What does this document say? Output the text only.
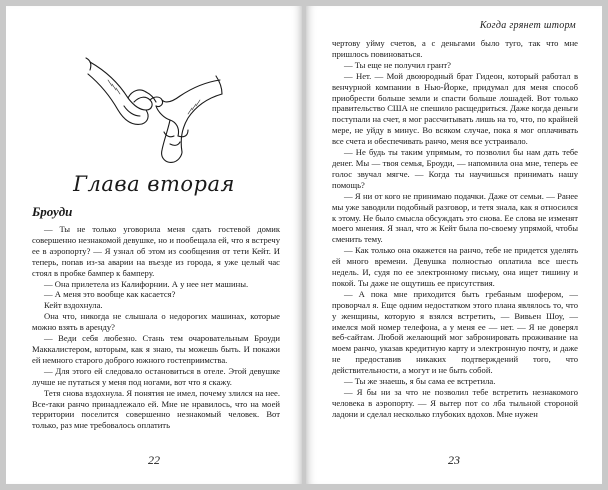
Глава вторая
Броуди

— Ты не только уговорила меня сдать гостевой домик совершенно незнакомой девушке, но и пообещала ей, что я встречу ее в аэропорту? — Я узнал об этом из сообщения от тети Кейт. И теперь, попав из-за аварии на въезде из города, я уже целый час стоял в пробке бампер к бамперу.

— Она прилетела из Калифорнии. А у нее нет машины.

— А меня это вообще как касается?

Кейт вздохнула.

Она что, никогда не слышала о недорогих машинах, которые можно взять в аренду?

— Веди себя любезно. Стань тем очаровательным Броуди Маккалистером, которым, как я знаю, ты можешь быть. И покажи ей немного старого доброго южного гостеприимства.

— Для этого ей следовало остановиться в отеле. Этой девушке лучше не путаться у меня под ногами, вот что я скажу.

Тетя снова вздохнула. Я понятия не имел, почему злился на нее. Все-таки ранчо принадлежало ей. Мне не нравилось, что на моей территории поселится совершенно незнакомый человек. Вот только, раз мне требовалось оплатить

22
Когда грянет шторм

чертову уйму счетов, а с деньгами было туго, так что мне пришлось повиноваться.

— Ты еще не получил грант?

— Нет. — Мой двоюродный брат Гидеон, который работал в венчурной компании в Нью-Йорке, придумал для меня способ приобрести больше земли и спасти больше лошадей. Вот только правительство США не спешило расщедриться. Даже когда деньги поступали на счет, я мог рассчитывать лишь на то, что, по крайней мере, не уйду в минус. Во всяком случае, пока я мог оплачивать все счета и обеспечивать ранчо, меня все устраивало.

— Не будь ты таким упрямым, то позволил бы нам дать тебе денег. Мы — твоя семья, Броуди, — напомнила она мне, теперь ее голос звучал мягче. — Когда ты научишься принимать нашу помощь?

— Я ни от кого не принимаю подачки. Даже от семьи. — Ранее мы уже заводили подобный разговор, и тетя знала, как я относился к этому. Не было смысла обсуждать это снова. Ее слова не изменят моего мнения. Я знал, что ж Кейт была по-своему упрямой, чтобы сменить тему.

— Как только она окажется на ранчо, тебе не придется уделять ей много времени. Девушка полностью оплатила все шесть недель. И, судя по ее электронному письму, она ищет тишину и покой. Ты даже не ощутишь ее присутствия.

— А пока мне приходится быть гребаным шофером, — проворчал я. Еще одним недостатком этого плана являлось то, что у женщины, которую я взялся встретить, — Вивьен Шоу, — имелся мой номер телефона, а у меня ее — нет. — Я не доверял веб-сайтам. Любой желающий мог забронировать проживание на моем ранчо, указав кредитную карту и электронную почту, и даже не предоставив никаких подтверждений того, что действительности, а могут и не быть собой.

— Ты же знаешь, я бы сама ее встретила.

— Я бы ни за что не позволил тебе встретить незнакомого человека в аэропорту. — Я вытер пот со лба тыльной стороной ладони и сделал несколько глубоких вдохов. Мне нужен

23
